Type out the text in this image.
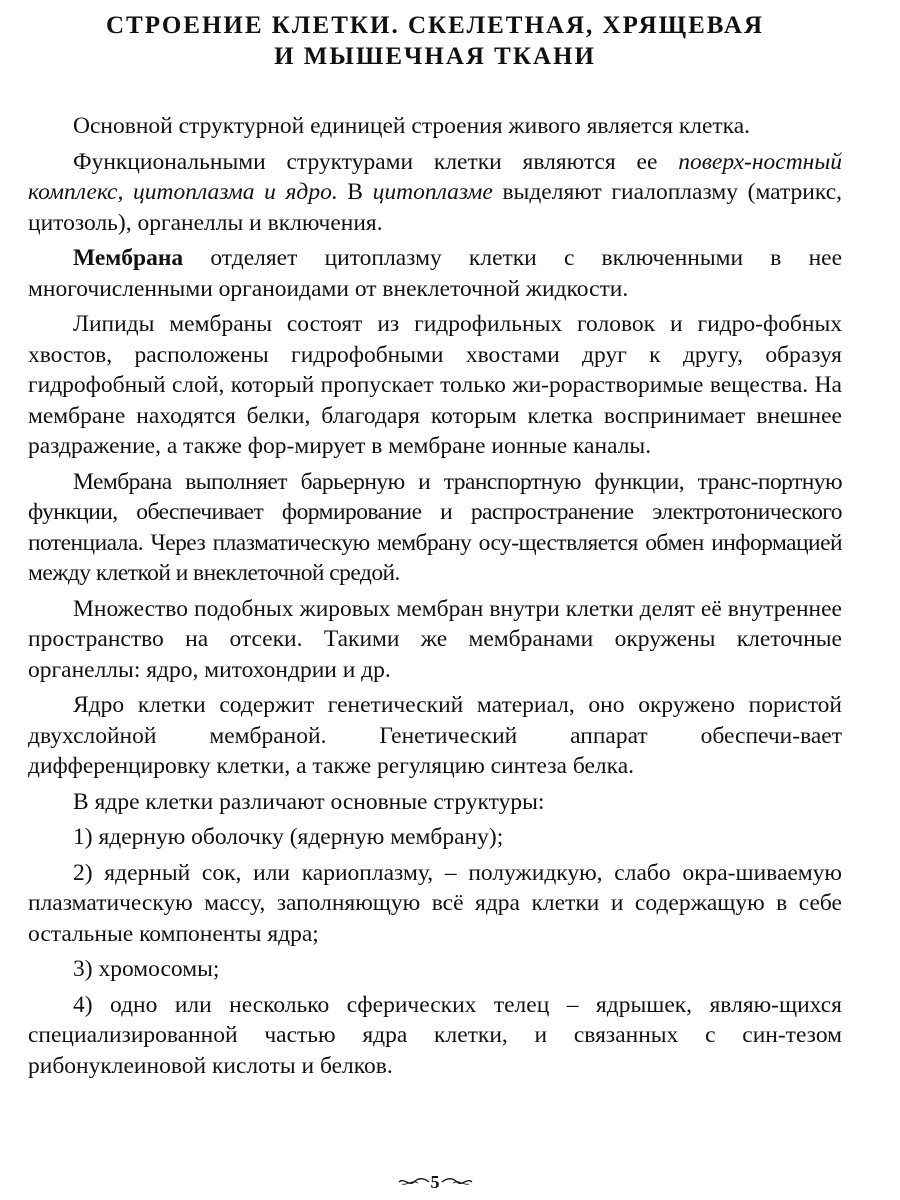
СТРОЕНИЕ КЛЕТКИ. СКЕЛЕТНАЯ, ХРЯЩЕВАЯ
И МЫШЕЧНАЯ ТКАНИ

Основной структурной единицей строения живого является клетка.

Функциональными структурами клетки являются ее поверх-ностный комплекс, цитоплазма и ядро. В цитоплазме выделяют гиалоплазму (матрикс, цитозоль), органеллы и включения.

Мембрана отделяет цитоплазму клетки с включенными в нее многочисленными органоидами от внеклеточной жидкости.

Липиды мембраны состоят из гидрофильных головок и гидро-фобных хвостов, расположены гидрофобными хвостами друг к другу, образуя гидрофобный слой, который пропускает только жи-рорастворимые вещества. На мембране находятся белки, благодаря которым клетка воспринимает внешнее раздражение, а также фор-мирует в мембране ионные каналы.

Мембрана выполняет барьерную и транспортную функции, транс-портную функции, обеспечивает формирование и распространение электротонического потенциала. Через плазматическую мембрану осу-ществляется обмен информацией между клеткой и внеклеточной средой.

Множество подобных жировых мембран внутри клетки делят её внутреннее пространство на отсеки. Такими же мембранами окружены клеточные органеллы: ядро, митохондрии и др.

Ядро клетки содержит генетический материал, оно окружено пористой двухслойной мембраной. Генетический аппарат обеспечи-вает дифференцировку клетки, а также регуляцию синтеза белка.

В ядре клетки различают основные структуры:

1) ядерную оболочку (ядерную мембрану);

2) ядерный сок, или кариоплазму, – полужидкую, слабо окра-шиваемую плазматическую массу, заполняющую всё ядра клетки и содержащую в себе остальные компоненты ядра;

3) хромосомы;

4) одно или несколько сферических телец – ядрышек, являю-щихся специализированной частью ядра клетки, и связанных с син-тезом рибонуклеиновой кислоты и белков.

5
